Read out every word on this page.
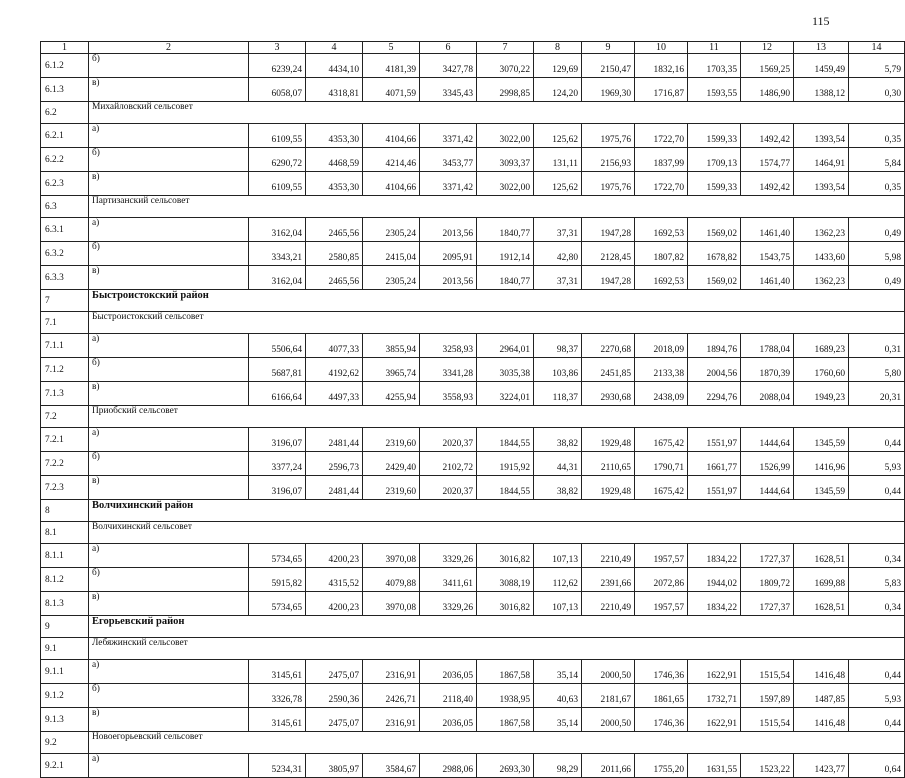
115
1	2	3	4	5	6	7	8	9	10	11	12	13	14
6.1.2	б)	6239,24	4434,10	4181,39	3427,78	3070,22	129,69	2150,47	1832,16	1703,35	1569,25	1459,49	5,79
6.1.3	в)	6058,07	4318,81	4071,59	3345,43	2998,85	124,20	1969,30	1716,87	1593,55	1486,90	1388,12	0,30
6.2	Михайловский сельсовет												
6.2.1	а)	6109,55	4353,30	4104,66	3371,42	3022,00	125,62	1975,76	1722,70	1599,33	1492,42	1393,54	0,35
6.2.2	б)	6290,72	4468,59	4214,46	3453,77	3093,37	131,11	2156,93	1837,99	1709,13	1574,77	1464,91	5,84
6.2.3	в)	6109,55	4353,30	4104,66	3371,42	3022,00	125,62	1975,76	1722,70	1599,33	1492,42	1393,54	0,35
6.3	Партизанский сельсовет												
6.3.1	а)	3162,04	2465,56	2305,24	2013,56	1840,77	37,31	1947,28	1692,53	1569,02	1461,40	1362,23	0,49
6.3.2	б)	3343,21	2580,85	2415,04	2095,91	1912,14	42,80	2128,45	1807,82	1678,82	1543,75	1433,60	5,98
6.3.3	в)	3162,04	2465,56	2305,24	2013,56	1840,77	37,31	1947,28	1692,53	1569,02	1461,40	1362,23	0,49
7	Быстроистокский район												
7.1	Быстроистокский сельсовет												
7.1.1	а)	5506,64	4077,33	3855,94	3258,93	2964,01	98,37	2270,68	2018,09	1894,76	1788,04	1689,23	0,31
7.1.2	б)	5687,81	4192,62	3965,74	3341,28	3035,38	103,86	2451,85	2133,38	2004,56	1870,39	1760,60	5,80
7.1.3	в)	6166,64	4497,33	4255,94	3558,93	3224,01	118,37	2930,68	2438,09	2294,76	2088,04	1949,23	20,31
7.2	Приобский сельсовет												
7.2.1	а)	3196,07	2481,44	2319,60	2020,37	1844,55	38,82	1929,48	1675,42	1551,97	1444,64	1345,59	0,44
7.2.2	б)	3377,24	2596,73	2429,40	2102,72	1915,92	44,31	2110,65	1790,71	1661,77	1526,99	1416,96	5,93
7.2.3	в)	3196,07	2481,44	2319,60	2020,37	1844,55	38,82	1929,48	1675,42	1551,97	1444,64	1345,59	0,44
8	Волчихинский район												
8.1	Волчихинский сельсовет												
8.1.1	а)	5734,65	4200,23	3970,08	3329,26	3016,82	107,13	2210,49	1957,57	1834,22	1727,37	1628,51	0,34
8.1.2	б)	5915,82	4315,52	4079,88	3411,61	3088,19	112,62	2391,66	2072,86	1944,02	1809,72	1699,88	5,83
8.1.3	в)	5734,65	4200,23	3970,08	3329,26	3016,82	107,13	2210,49	1957,57	1834,22	1727,37	1628,51	0,34
9	Егорьевский район												
9.1	Лебяжинский сельсовет												
9.1.1	а)	3145,61	2475,07	2316,91	2036,05	1867,58	35,14	2000,50	1746,36	1622,91	1515,54	1416,48	0,44
9.1.2	б)	3326,78	2590,36	2426,71	2118,40	1938,95	40,63	2181,67	1861,65	1732,71	1597,89	1487,85	5,93
9.1.3	в)	3145,61	2475,07	2316,91	2036,05	1867,58	35,14	2000,50	1746,36	1622,91	1515,54	1416,48	0,44
9.2	Новоегорьевский сельсовет												
9.2.1	а)	5234,31	3805,97	3584,67	2988,06	2693,30	98,29	2011,66	1755,20	1631,55	1523,22	1423,77	0,64
